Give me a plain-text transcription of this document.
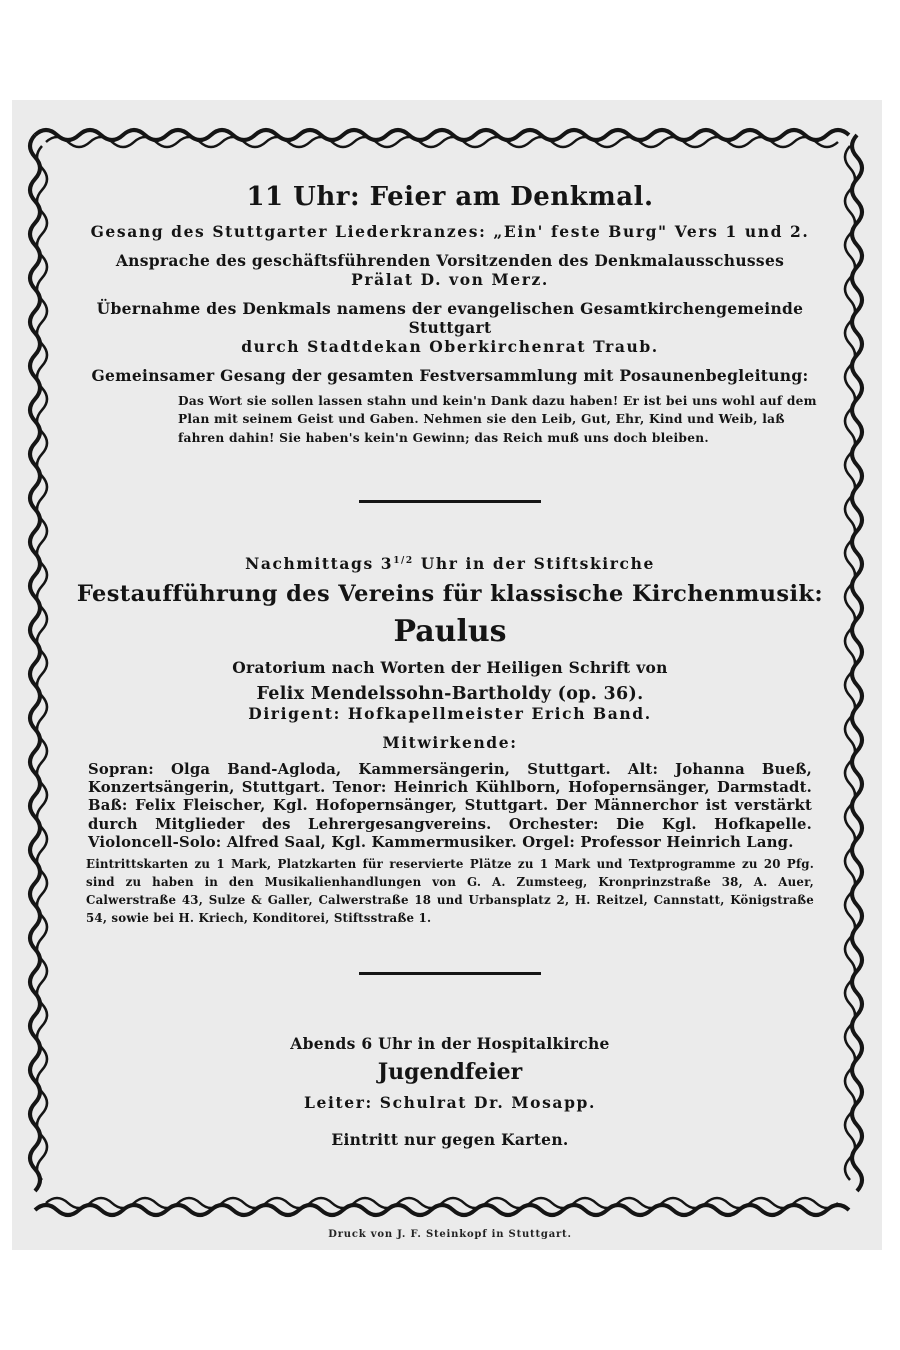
11 Uhr: Feier am Denkmal.

Gesang des Stuttgarter Liederkranzes: „Ein' feste Burg" Vers 1 und 2.

Ansprache des geschäftsführenden Vorsitzenden des Denkmalausschusses

Prälat D. von Merz.

Übernahme des Denkmals namens der evangelischen Gesamtkirchengemeinde Stuttgart

durch Stadtdekan Oberkirchenrat Traub.

Gemeinsamer Gesang der gesamten Festversammlung mit Posaunenbegleitung:

Das Wort sie sollen lassen stahn und kein'n Dank dazu haben! Er ist bei uns wohl auf dem Plan mit seinem Geist und Gaben. Nehmen sie den Leib, Gut, Ehr, Kind und Weib, laß fahren dahin! Sie haben's kein'n Gewinn; das Reich muß uns doch bleiben.

Nachmittags $3^{1/2}$ Uhr in der Stiftskirche

Festaufführung des Vereins für klassische Kirchenmusik:

Paulus

Oratorium nach Worten der Heiligen Schrift von

Felix Mendelssohn-Bartholdy (op. 36).

Dirigent: Hofkapellmeister Erich Band.

Mitwirkende:

Sopran: Olga Band-Agloda, Kammersängerin, Stuttgart. Alt: Johanna Bueß, Konzertsängerin, Stuttgart. Tenor: Heinrich Kühlborn, Hofopernsänger, Darmstadt. Baß: Felix Fleischer, Kgl. Hofopernsänger, Stuttgart. Der Männerchor ist verstärkt durch Mitglieder des Lehrergesangvereins. Orchester: Die Kgl. Hofkapelle. Violoncell-Solo: Alfred Saal, Kgl. Kammermusiker. Orgel: Professor Heinrich Lang.

Eintrittskarten zu 1 Mark, Platzkarten für reservierte Plätze zu 1 Mark und Textprogramme zu 20 Pfg. sind zu haben in den Musikalienhandlungen von G. A. Zumsteeg, Kronprinzstraße 38, A. Auer, Calwerstraße 43, Sulze & Galler, Calwerstraße 18 und Urbansplatz 2, H. Reitzel, Cannstatt, Königstraße 54, sowie bei H. Kriech, Konditorei, Stiftsstraße 1.

Abends 6 Uhr in der Hospitalkirche

Jugendfeier

Leiter: Schulrat Dr. Mosapp.

Eintritt nur gegen Karten.

Druck von J. F. Steinkopf in Stuttgart.
